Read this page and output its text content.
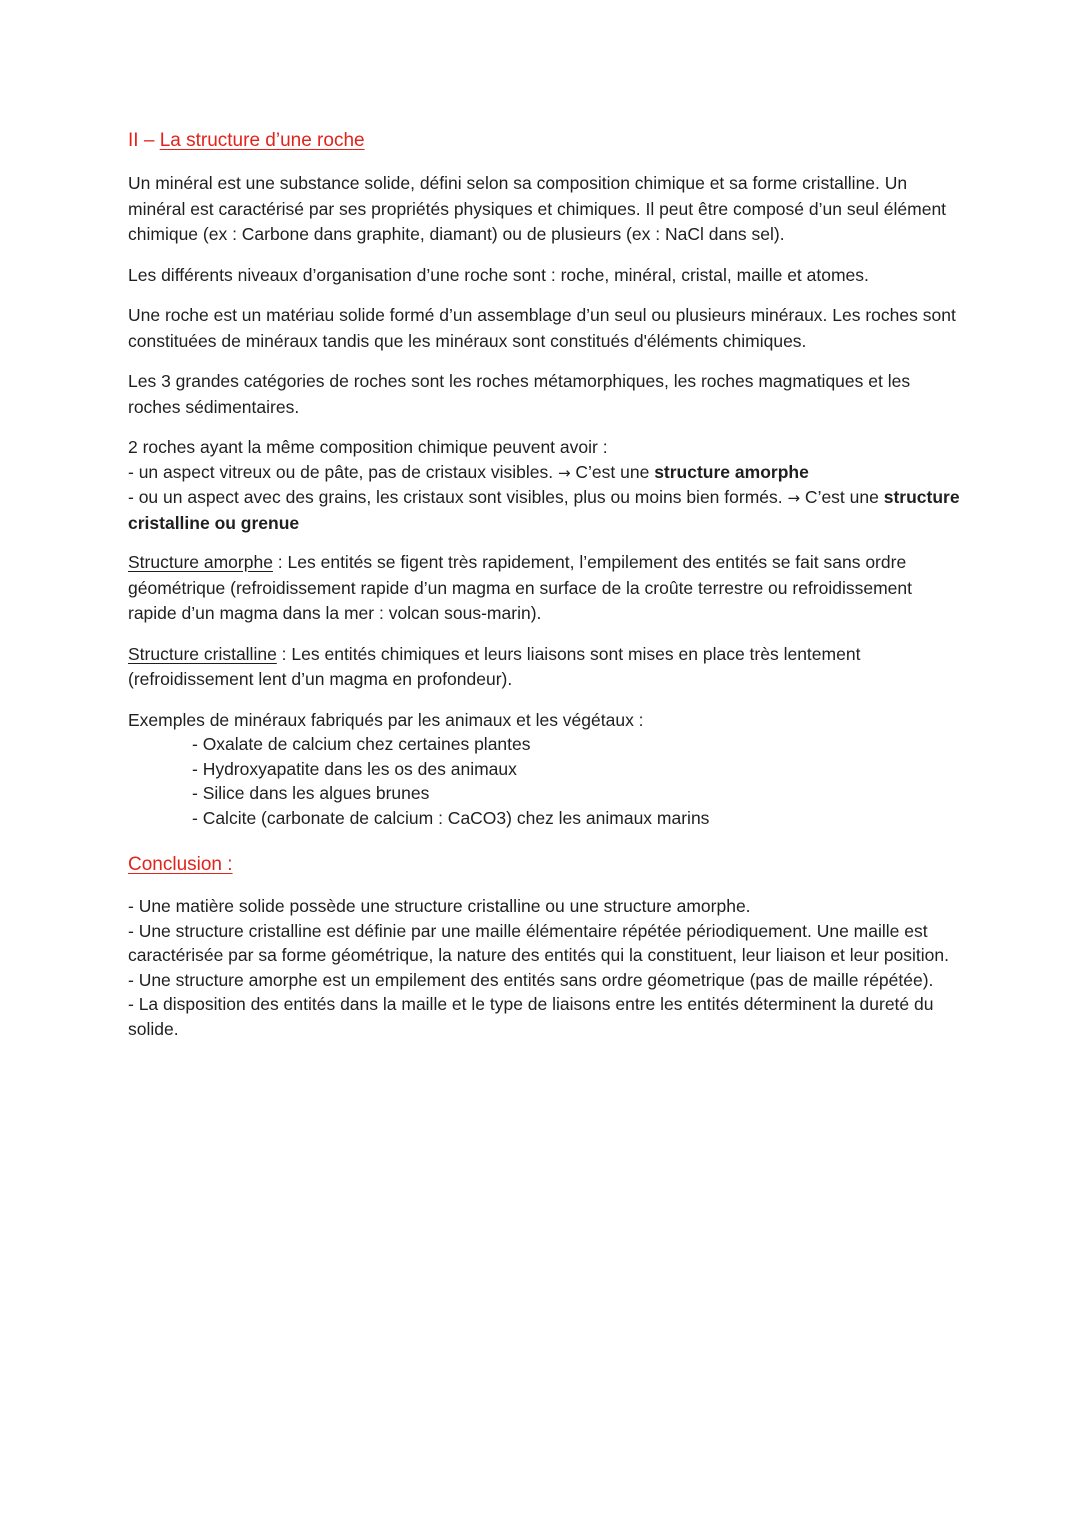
II – La structure d’une roche

Un minéral est une substance solide, défini selon sa composition chimique et sa forme cristalline. Un minéral est caractérisé par ses propriétés physiques et chimiques. Il peut être composé d’un seul élément chimique (ex : Carbone dans graphite, diamant) ou de plusieurs (ex : NaCl dans sel).

Les différents niveaux d’organisation d’une roche sont : roche, minéral, cristal, maille et atomes.

Une roche est un matériau solide formé d’un assemblage d’un seul ou plusieurs minéraux. Les roches sont constituées de minéraux tandis que les minéraux sont constitués d'éléments chimiques.

Les 3 grandes catégories de roches sont les roches métamorphiques, les roches magmatiques et les roches sédimentaires.

2 roches ayant la même composition chimique peuvent avoir :
- un aspect vitreux ou de pâte, pas de cristaux visibles. → C’est une structure amorphe
- ou un aspect avec des grains, les cristaux sont visibles, plus ou moins bien formés. → C’est une structure cristalline ou grenue

Structure amorphe : Les entités se figent très rapidement, l’empilement des entités se fait sans ordre géométrique (refroidissement rapide d’un magma en surface de la croûte terrestre ou refroidissement rapide d’un magma dans la mer : volcan sous-marin).

Structure cristalline : Les entités chimiques et leurs liaisons sont mises en place très lentement (refroidissement lent d’un magma en profondeur).

Exemples de minéraux fabriqués par les animaux et les végétaux :
- Oxalate de calcium chez certaines plantes
- Hydroxyapatite dans les os des animaux
- Silice dans les algues brunes
- Calcite (carbonate de calcium : CaCO3) chez les animaux marins
Conclusion :
- Une matière solide possède une structure cristalline ou une structure amorphe.
- Une structure cristalline est définie par une maille élémentaire répétée périodiquement. Une maille est caractérisée par sa forme géométrique, la nature des entités qui la constituent, leur liaison et leur position.
- Une structure amorphe est un empilement des entités sans ordre géometrique (pas de maille répétée).
- La disposition des entités dans la maille et le type de liaisons entre les entités déterminent la dureté du solide.
